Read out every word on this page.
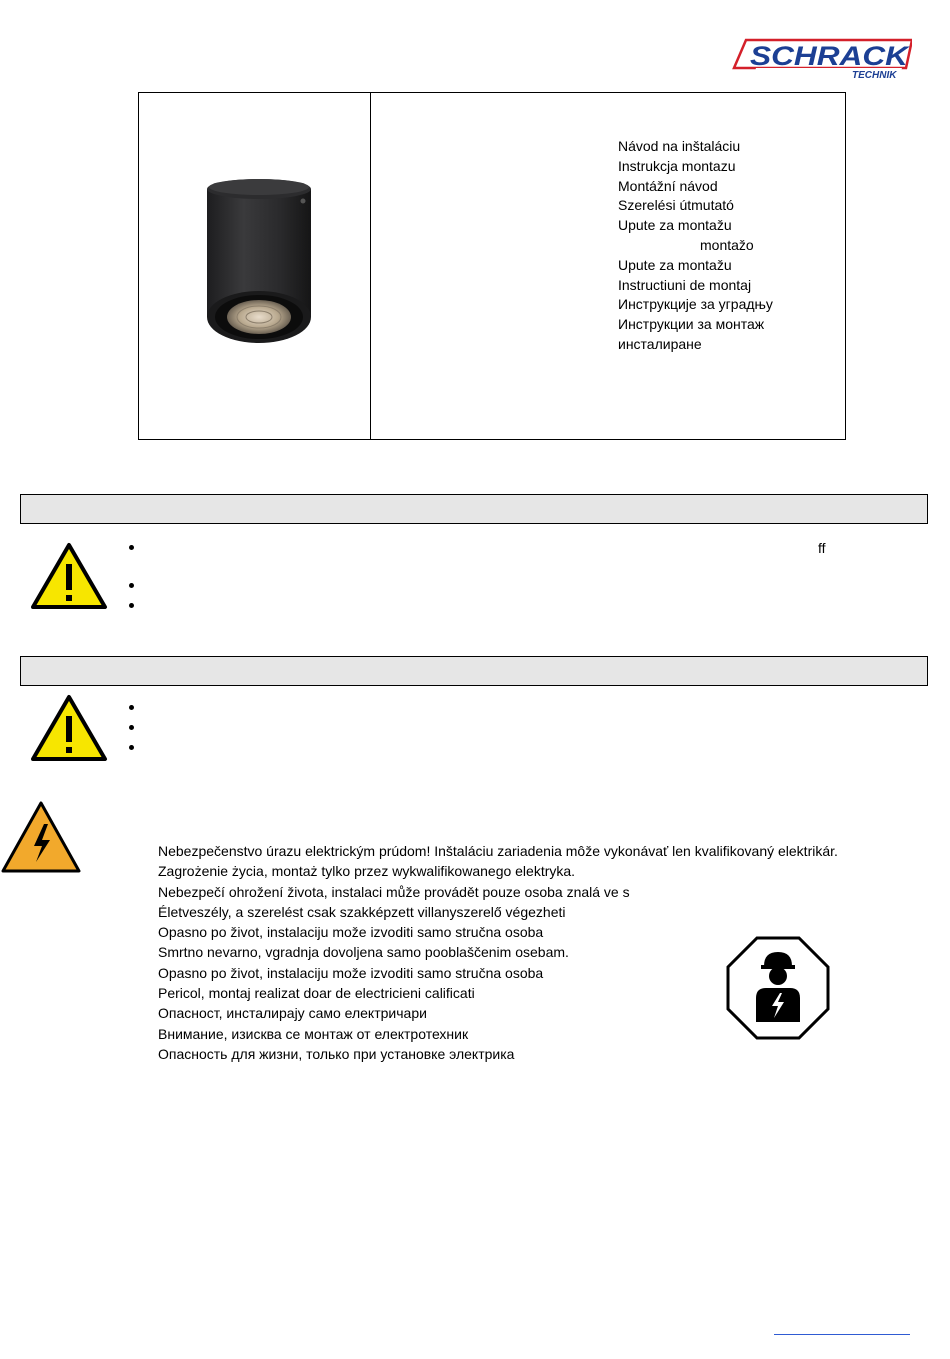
SCHRACK
TECHNIK
Návod na inštaláciu
Instrukcja montazu
Montážní návod
Szerelési útmutató
Upute za montažu
montažo
Upute za montažu
Instructiuni de montaj
Инструкције за уградњу
Инструкции за монтаж
инсталиране
ff
Nebezpečenstvo úrazu elektrickým prúdom! Inštaláciu zariadenia môže vykonávať len kvalifikovaný elektrikár.
Zagrożenie życia, montaż tylko przez wykwalifikowanego elektryka.
Nebezpečí ohrožení života, instalaci může provádět pouze osoba znalá ve s
Életveszély, a szerelést csak szakképzett villanyszerelő végezheti
Opasno po život, instalaciju može izvoditi samo stručna osoba
Smrtno nevarno, vgradnja dovoljena samo pooblaščenim osebam.
Opasno po život, instalaciju može izvoditi samo stručna osoba
Pericol, montaj realizat doar de electricieni calificati
Опасност, инсталирају само електричари
Внимание, изисква се монтаж от електротехник
Опасность для жизни, только при установке электрика
